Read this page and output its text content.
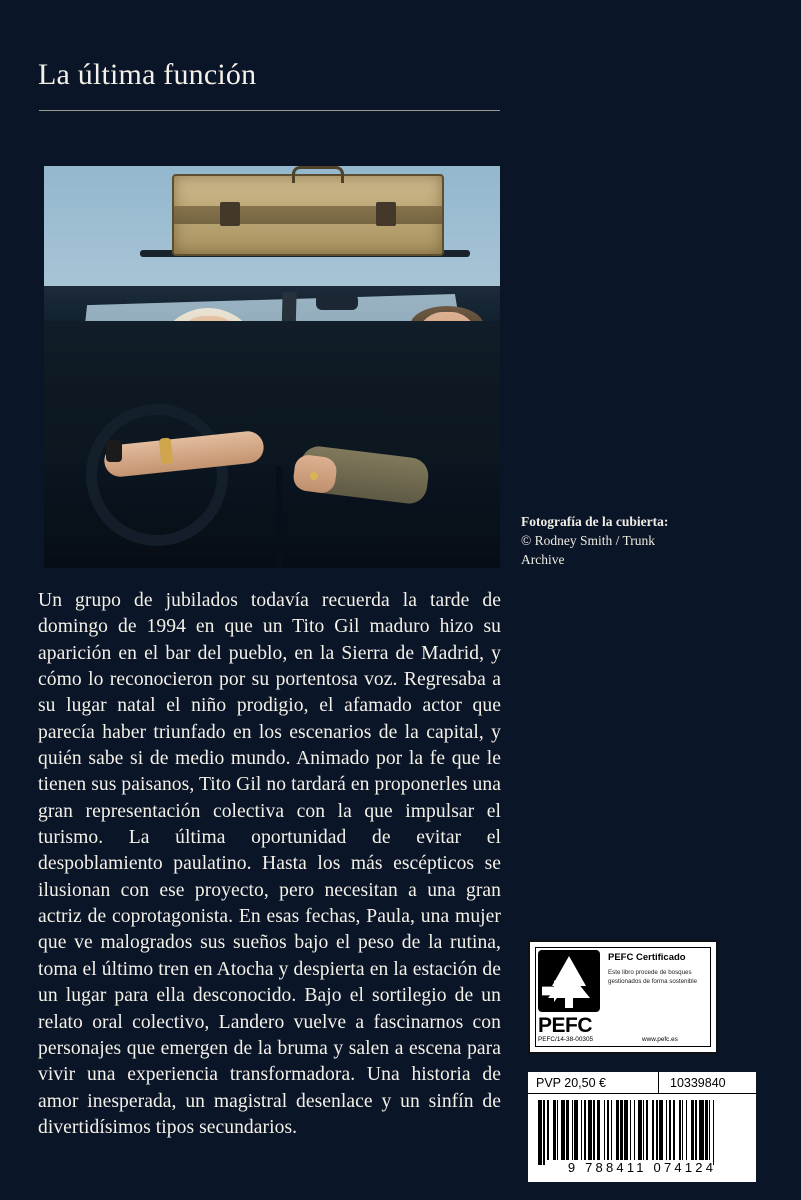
La última función
Fotografía de la cubierta:
© Rodney Smith / Trunk
Archive

Un grupo de jubilados todavía recuerda la tarde de domingo de 1994 en que un Tito Gil maduro hizo su aparición en el bar del pueblo, en la Sierra de Madrid, y cómo lo reconocieron por su portentosa voz. Regresaba a su lugar natal el niño prodigio, el afamado actor que parecía haber triunfado en los escenarios de la capital, y quién sabe si de medio mundo. Animado por la fe que le tienen sus paisanos, Tito Gil no tardará en proponerles una gran representación colectiva con la que impulsar el turismo. La última oportunidad de evitar el despoblamiento paulatino. Hasta los más escépticos se ilusionan con ese proyecto, pero necesitan a una gran actriz de coprotagonista. En esas fechas, Paula, una mujer que ve malogrados sus sueños bajo el peso de la rutina, toma el último tren en Atocha y despierta en la estación de un lugar para ella desconocido. Bajo el sortilegio de un relato oral colectivo, Landero vuelve a fascinarnos con personajes que emergen de la bruma y salen a escena para vivir una experiencia transformadora. Una historia de amor inesperada, un magistral desenlace y un sinfín de divertidísimos tipos secundarios.

PEFC
PEFC Certificado
Este libro procede de bosques gestionados de forma sostenible
PEFC/14-38-00305	www.pefc.es
PVP 20,50 €	10339840
9 788411 074124
